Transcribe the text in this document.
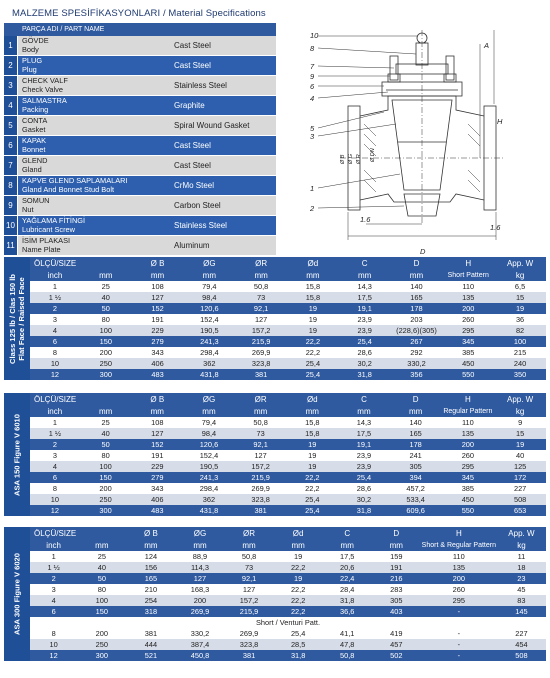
MALZEME SPESİFİKASYONLARI / Material Specifications
PARÇA ADI / PART NAME
1
GÖVDE
Body	Cast Steel
2
PLUG
Plug	Cast Steel
3
CHECK VALF
Check Valve	Stainless Steel
4
SALMASTRA
Packing	Graphite
5
CONTA
Gasket	Spiral Wound Gasket
6
KAPAK
Bonnet	Cast Steel
7
GLEND
Gland	Cast Steel
8
KAPVE GLEND SAPLAMALARI
Gland And Bonnet Stud Bolt	CrMo Steel
9
SOMUN
Nut	Carbon Steel
10
YAĞLAMA FİTİNGİ
Lubricant Screw	Stainless Steel
11
İSİM PLAKASI
Name Plate	Aluminum
10
8
7
9
6
4
5
3
1
2
H
A
D
1.6
1.6
Ø B Ø G Ø R Ø DN
Class 125 lb / Clas 150 lb Flat Face / Raised Face
ÖLÇÜ/SIZE		Ø B	ØG	ØR	Ød	C	D	H	App. W
inch	mm	mm	mm	mm	mm	mm	mm	Short Pattern	kg
1	25	108	79,4	50,8	15,8	14,3	140	110	6,5
1 ½	40	127	98,4	73	15,8	17,5	165	135	15
2	50	152	120,6	92,1	19	19,1	178	200	19
3	80	191	152,4	127	19	23,9	203	260	36
4	100	229	190,5	157,2	19	23,9	(228,6)(305)	295	82
6	150	279	241,3	215,9	22,2	25,4	267	345	100
8	200	343	298,4	269,9	22,2	28,6	292	385	215
10	250	406	362	323,8	25,4	30,2	330,2	450	240
12	300	483	431,8	381	25,4	31,8	356	550	350
ASA 150 Figure V 6010
ÖLÇÜ/SIZE		Ø B	ØG	ØR	Ød	C	D	H	App. W
inch	mm	mm	mm	mm	mm	mm	mm	Regular Pattern	kg
1	25	108	79,4	50,8	15,8	14,3	140	110	9
1 ½	40	127	98,4	73	15,8	17,5	165	135	15
2	50	152	120,6	92,1	19	19,1	178	200	19
3	80	191	152,4	127	19	23,9	241	260	40
4	100	229	190,5	157,2	19	23,9	305	295	125
6	150	279	241,3	215,9	22,2	25,4	394	345	172
8	200	343	298,4	269,9	22,2	28,6	457,2	385	227
10	250	406	362	323,8	25,4	30,2	533,4	450	508
12	300	483	431,8	381	25,4	31,8	609,6	550	653
ASA 300 Figure V 6020
ÖLÇÜ/SIZE		Ø B	ØG	ØR	Ød	C	D	H	App. W
inch	mm	mm	mm	mm	mm	mm	mm	Short & Regular Pattern	kg
1	25	124	88,9	50,8	19	17,5	159	110	11
1 ½	40	156	114,3	73	22,2	20,6	191	135	18
2	50	165	127	92,1	19	22,4	216	200	23
3	80	210	168,3	127	22,2	28,4	283	260	45
4	100	254	200	157,2	22,2	31,8	305	295	83
6	150	318	269,9	215,9	22,2	36,6	403	-	145
Short / Venturi Patt.									
8	200	381	330,2	269,9	25,4	41,1	419	-	227
10	250	444	387,4	323,8	28,5	47,8	457	-	454
12	300	521	450,8	381	31,8	50,8	502	-	508
